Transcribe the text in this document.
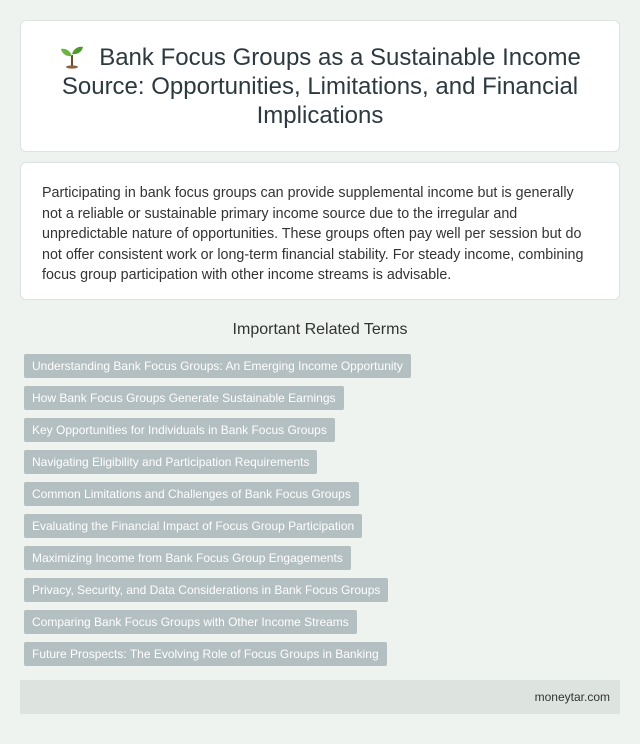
Bank Focus Groups as a Sustainable Income Source: Opportunities, Limitations, and Financial Implications

Participating in bank focus groups can provide supplemental income but is generally not a reliable or sustainable primary income source due to the irregular and unpredictable nature of opportunities. These groups often pay well per session but do not offer consistent work or long-term financial stability. For steady income, combining focus group participation with other income streams is advisable.

Important Related Terms
Understanding Bank Focus Groups: An Emerging Income Opportunity
How Bank Focus Groups Generate Sustainable Earnings
Key Opportunities for Individuals in Bank Focus Groups
Navigating Eligibility and Participation Requirements
Common Limitations and Challenges of Bank Focus Groups
Evaluating the Financial Impact of Focus Group Participation
Maximizing Income from Bank Focus Group Engagements
Privacy, Security, and Data Considerations in Bank Focus Groups
Comparing Bank Focus Groups with Other Income Streams
Future Prospects: The Evolving Role of Focus Groups in Banking
moneytar.com
